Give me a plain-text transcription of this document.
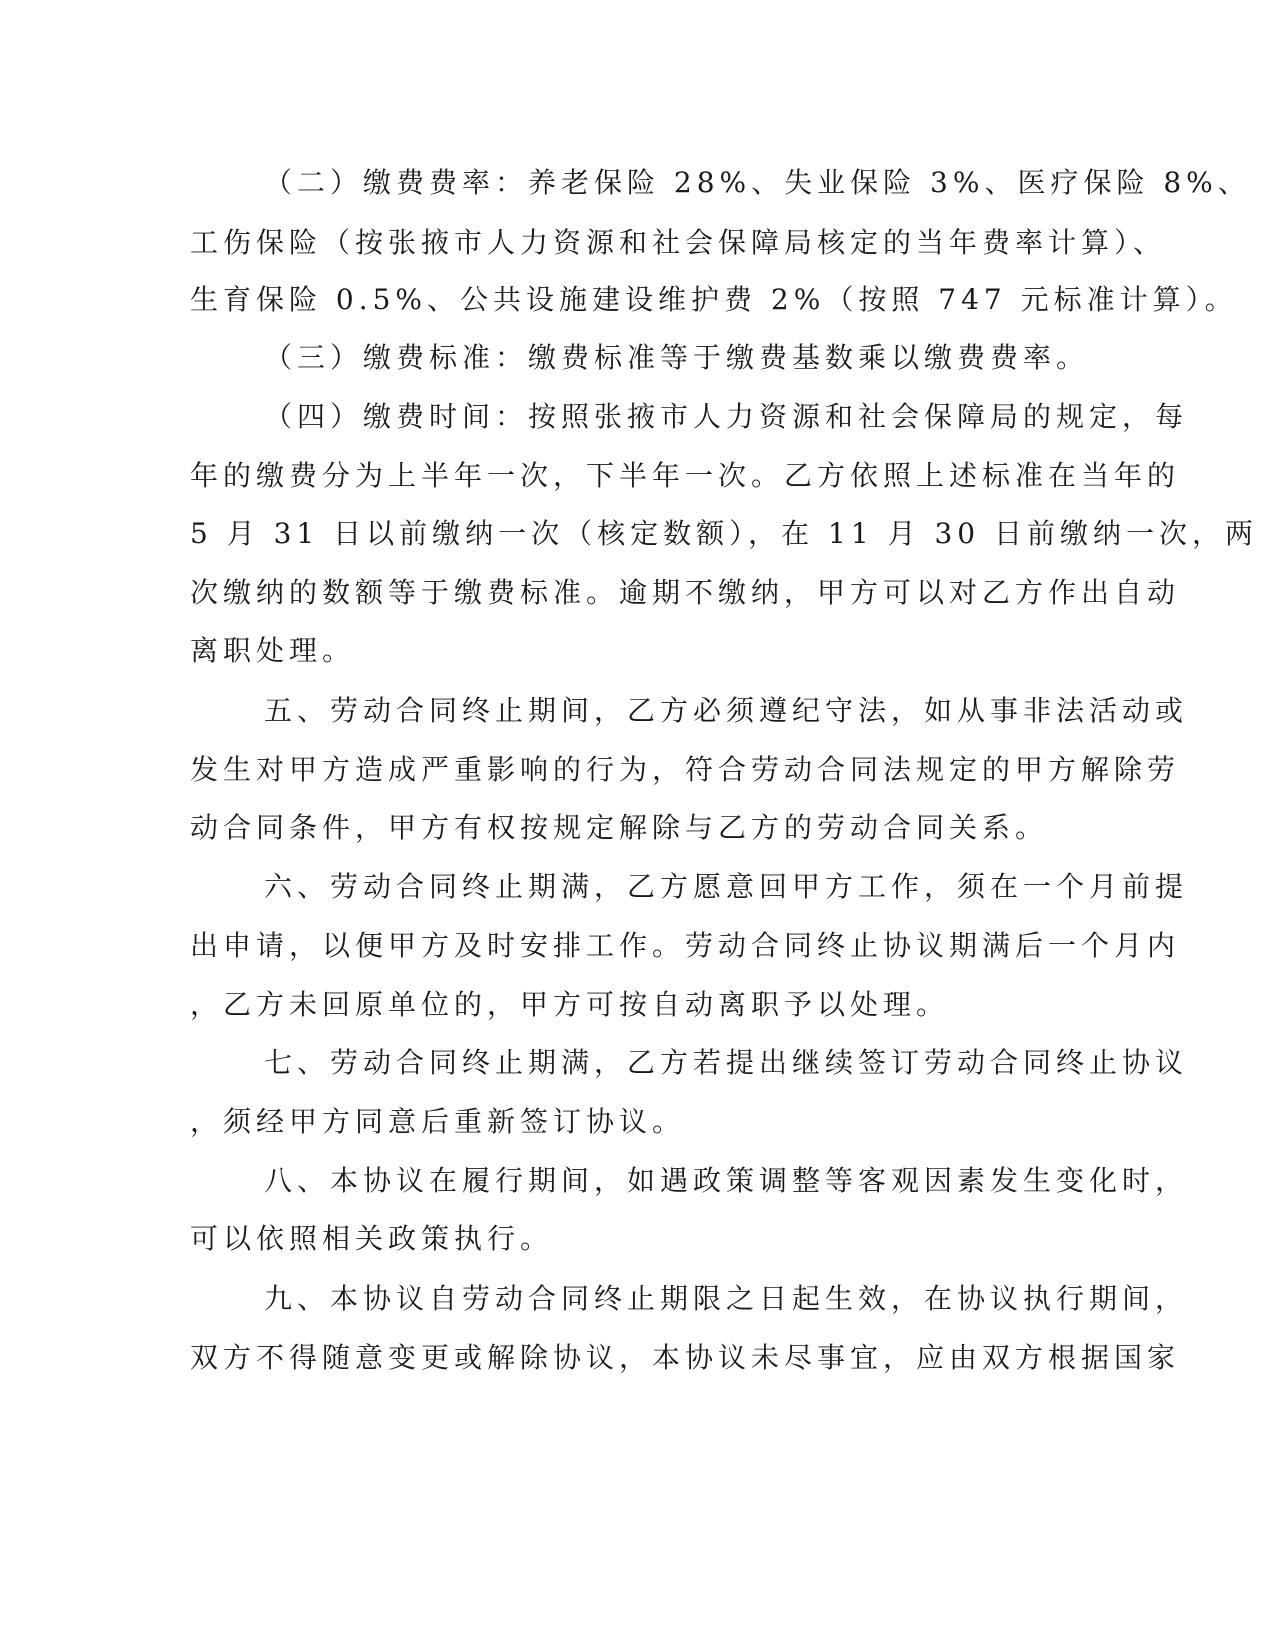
（二）缴费费率：养老保险 28%、失业保险 3%、医疗保险 8%、
工伤保险（按张掖市人力资源和社会保障局核定的当年费率计算）、
生育保险 0.5%、公共设施建设维护费 2%（按照 747 元标准计算）。
（三）缴费标准：缴费标准等于缴费基数乘以缴费费率。
（四）缴费时间：按照张掖市人力资源和社会保障局的规定，每
年的缴费分为上半年一次，下半年一次。乙方依照上述标准在当年的
5 月 31 日以前缴纳一次（核定数额），在 11 月 30 日前缴纳一次，两
次缴纳的数额等于缴费标准。逾期不缴纳，甲方可以对乙方作出自动
离职处理。
五、劳动合同终止期间，乙方必须遵纪守法，如从事非法活动或
发生对甲方造成严重影响的行为，符合劳动合同法规定的甲方解除劳
动合同条件，甲方有权按规定解除与乙方的劳动合同关系。
六、劳动合同终止期满，乙方愿意回甲方工作，须在一个月前提
出申请，以便甲方及时安排工作。劳动合同终止协议期满后一个月内
，乙方未回原单位的，甲方可按自动离职予以处理。
七、劳动合同终止期满，乙方若提出继续签订劳动合同终止协议
，须经甲方同意后重新签订协议。
八、本协议在履行期间，如遇政策调整等客观因素发生变化时，
可以依照相关政策执行。
九、本协议自劳动合同终止期限之日起生效，在协议执行期间，
双方不得随意变更或解除协议，本协议未尽事宜，应由双方根据国家
